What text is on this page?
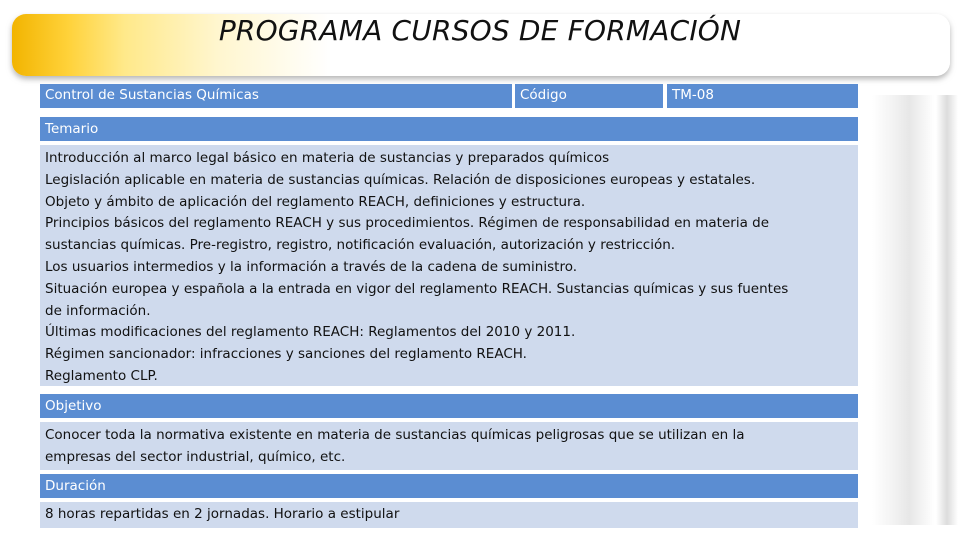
PROGRAMA CURSOS DE FORMACIÓN
Control de Sustancias Químicas	Código	TM-08
Temario
Introducción al marco legal básico en materia de sustancias y preparados químicos
Legislación aplicable en materia de sustancias químicas. Relación de disposiciones europeas y estatales.
Objeto y ámbito de aplicación del reglamento REACH, definiciones y estructura.
Principios básicos del reglamento REACH y sus procedimientos. Régimen de responsabilidad en materia de
sustancias químicas. Pre-registro, registro, notificación evaluación, autorización y restricción.
Los usuarios intermedios y la información a través de la cadena de suministro.
Situación europea y española a la entrada en vigor del reglamento REACH. Sustancias químicas y sus fuentes
de información.
Últimas modificaciones del reglamento REACH: Reglamentos del 2010 y 2011.
Régimen sancionador: infracciones y sanciones del reglamento REACH.
Reglamento CLP.
Objetivo
Conocer toda la normativa existente en materia de sustancias químicas peligrosas que se utilizan en la
empresas del sector industrial, químico, etc.
Duración
8 horas repartidas en 2 jornadas. Horario a estipular
